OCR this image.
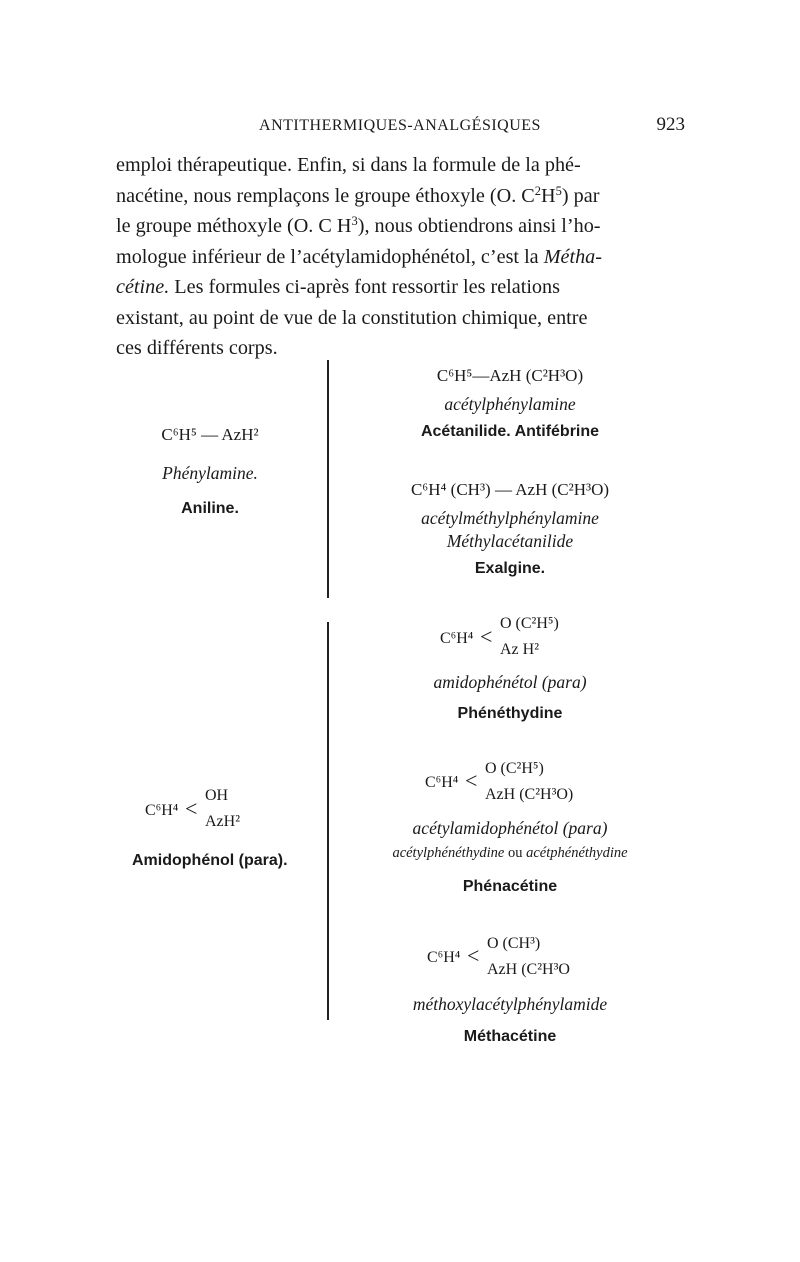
ANTITHERMIQUES-ANALGÉSIQUES	923
emploi thérapeutique. Enfin, si dans la formule de la phé-
nacétine, nous remplaçons le groupe éthoxyle (O. $C^2H^5$) par
le groupe méthoxyle (O. C $H^3$), nous obtiendrons ainsi l’ho-
mologue inférieur de l’acétylamidophénétol, c’est la Métha-
cétine. Les formules ci-après font ressortir les relations
existant, au point de vue de la constitution chimique, entre
ces différents corps.
C⁶H⁵ — AzH²
Phénylamine.
Aniline.
C⁶H⁵—AzH (C²H³O)
acétylphénylamine
Acétanilide. Antifébrine
C⁶H⁴ (CH³) — AzH (C²H³O)
acétylméthylphénylamine
Méthylacétanilide
Exalgine.
C⁶H⁴ <
OH
AzH²
Amidophénol (para).
C⁶H⁴ <
O (C²H⁵)
Az H²
amidophénétol (para)
Phénéthydine
C⁶H⁴ < O (C²H⁵)
AzH (C²H³O)
acétylamidophénétol (para)
acétylphénéthydine ou acétphénéthydine
Phénacétine
C⁶H⁴ < O (CH³)
AzH (C²H³O
méthoxylacétylphénylamide
Méthacétine
